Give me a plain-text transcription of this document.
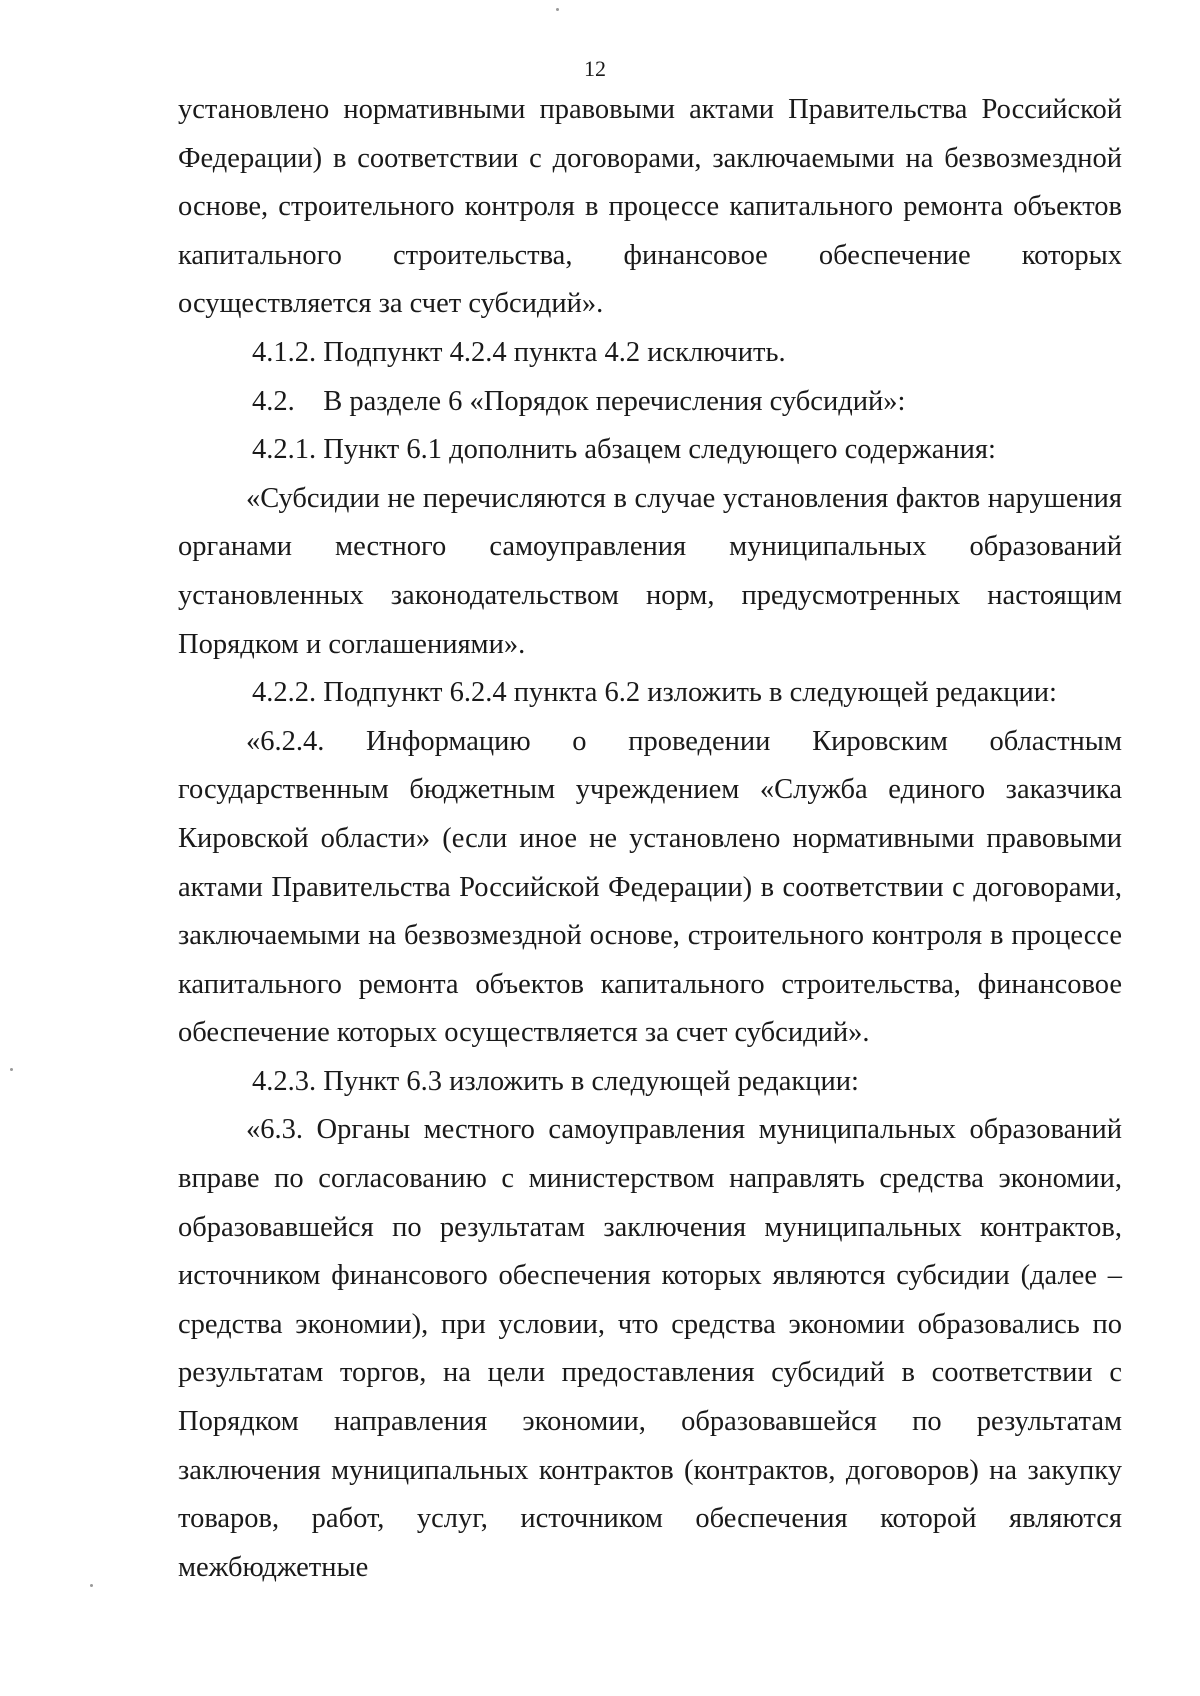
12

установлено нормативными правовыми актами Правительства Российской Федерации) в соответствии с договорами, заключаемыми на безвозмездной основе, строительного контроля в процессе капитального ремонта объектов капитального строительства, финансовое обеспечение которых осуществляется за счет субсидий».

4.1.2. Подпункт 4.2.4 пункта 4.2 исключить.

4.2.    В разделе 6 «Порядок перечисления субсидий»:

4.2.1. Пункт 6.1 дополнить абзацем следующего содержания:

«Субсидии не перечисляются в случае установления фактов нарушения органами местного самоуправления муниципальных образований установленных законодательством норм, предусмотренных настоящим Порядком и соглашениями».

4.2.2. Подпункт 6.2.4 пункта 6.2 изложить в следующей редакции:

«6.2.4. Информацию о проведении Кировским областным государственным бюджетным учреждением «Служба единого заказчика Кировской области» (если иное не установлено нормативными правовыми актами Правительства Российской Федерации) в соответствии с договорами, заключаемыми на безвозмездной основе, строительного контроля в процессе капитального ремонта объектов капитального строительства, финансовое обеспечение которых осуществляется за счет субсидий».

4.2.3. Пункт 6.3 изложить в следующей редакции:

«6.3. Органы местного самоуправления муниципальных образований вправе по согласованию с министерством направлять средства экономии, образовавшейся по результатам заключения муниципальных контрактов, источником финансового обеспечения которых являются субсидии (далее – средства экономии), при условии, что средства экономии образовались по результатам торгов, на цели предоставления субсидий в соответствии с Порядком направления экономии, образовавшейся по результатам заключения муниципальных контрактов (контрактов, договоров) на закупку товаров, работ, услуг, источником обеспечения которой являются межбюджетные
